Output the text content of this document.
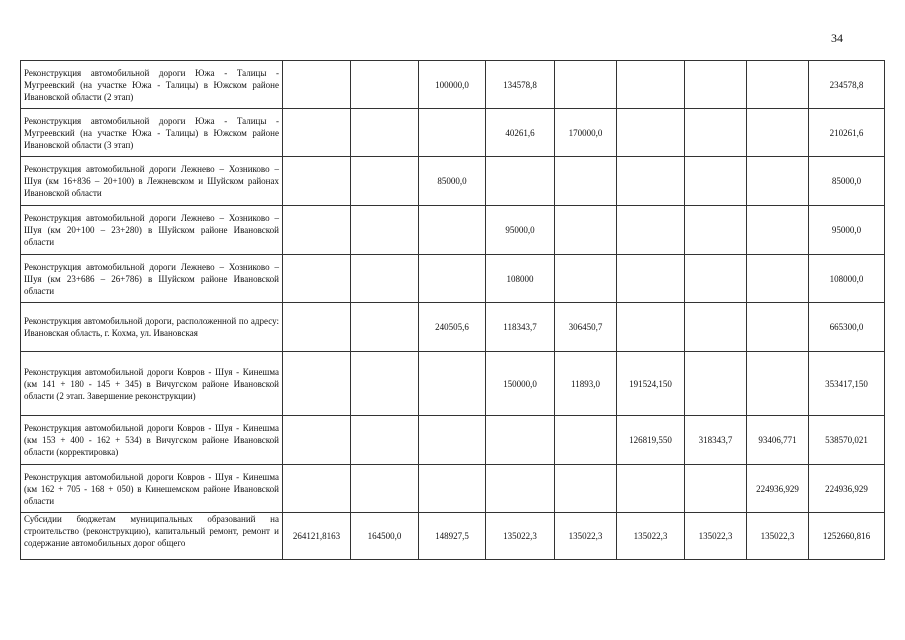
34
Реконструкция автомобильной дороги Южа - Талицы - Мугреевский (на участке Южа - Талицы) в Южском районе Ивановской области (2 этап)			100000,0	134578,8					234578,8
Реконструкция автомобильной дороги Южа - Талицы - Мугреевский (на участке Южа - Талицы) в Южском районе Ивановской области (3 этап)				40261,6	170000,0				210261,6
Реконструкция автомобильной дороги Лежнево – Хозниково – Шуя (км 16+836 – 20+100) в Лежневском и Шуйском районах Ивановской области			85000,0						85000,0
Реконструкция автомобильной дороги Лежнево – Хозниково – Шуя (км 20+100 – 23+280) в Шуйском районе Ивановской области				95000,0					95000,0
Реконструкция автомобильной дороги Лежнево – Хозниково – Шуя (км 23+686 – 26+786) в Шуйском районе Ивановской области				108000					108000,0
Реконструкция автомобильной дороги, расположенной по адресу: Ивановская область, г. Кохма, ул. Ивановская			240505,6	118343,7	306450,7				665300,0
Реконструкция автомобильной дороги Ковров - Шуя - Кинешма (км 141 + 180 - 145 + 345) в Вичугском районе Ивановской области (2 этап. Завершение реконструкции)				150000,0	11893,0	191524,150			353417,150
Реконструкция автомобильной дороги Ковров - Шуя - Кинешма (км 153 + 400 - 162 + 534) в Вичугском районе Ивановской области (корректировка)						126819,550	318343,7	93406,771	538570,021
Реконструкция автомобильной дороги Ковров - Шуя - Кинешма (км 162 + 705 - 168 + 050) в Кинешемском районе Ивановской области								224936,929	224936,929
Субсидии бюджетам муниципальных образований на строительство (реконструкцию), капитальный ремонт, ремонт и содержание автомобильных дорог общего	264121,8163	164500,0	148927,5	135022,3	135022,3	135022,3	135022,3	135022,3	1252660,816
